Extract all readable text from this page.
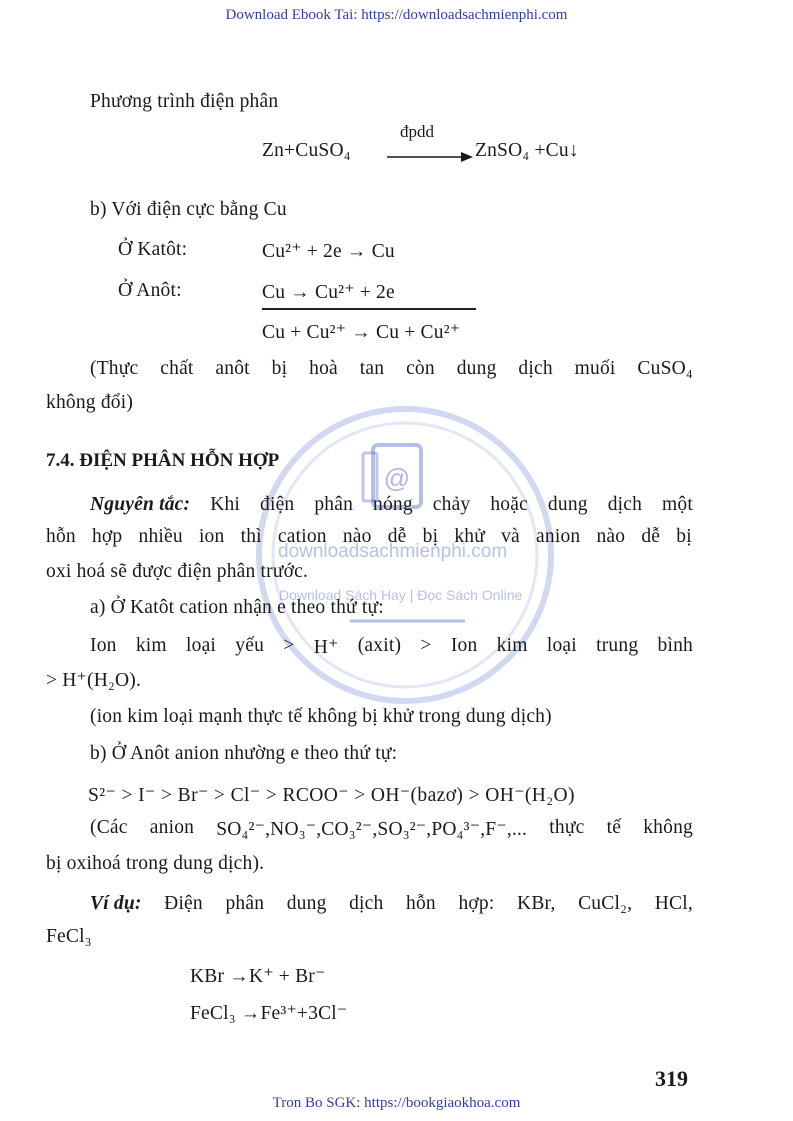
Download Ebook Tai: https://downloadsachmienphi.com
@
downloadsachmienphi.com
Download Sách Hay | Đọc Sách Online
Phương trình điện phân
Zn+CuSO₄
đpdd
ZnSO₄ +Cu↓
b) Với điện cực bằng Cu
Ở Katôt:	Cu²⁺ + 2e → Cu
Ở Anôt:	Cu → Cu²⁺ + 2e
Cu + Cu²⁺ → Cu + Cu²⁺
(Thực chất anôt bị hoà tan còn dung dịch muối CuSO₄
không đổi)
7.4. ĐIỆN PHÂN HỖN HỢP
Nguyên tắc: Khi điện phân nóng chảy hoặc dung dịch một
hỗn hợp nhiều ion thì cation nào dễ bị khử và anion nào dễ bị
oxi hoá sẽ được điện phân trước.
a) Ở Katôt cation nhận e theo thứ tự:
Ion kim loại yếu > H⁺ (axit) > Ion kim loại trung bình
> H⁺(H₂O).
(ion kim loại mạnh thực tế không bị khử trong dung dịch)
b) Ở Anôt anion nhường e theo thứ tự:
S²⁻ > I⁻ > Br⁻ > Cl⁻ > RCOO⁻ > OH⁻(bazơ) > OH⁻(H₂O)
(Các anion SO₄²⁻,NO₃⁻,CO₃²⁻,SO₃²⁻,PO₄³⁻,F⁻,... thực tế không
bị oxihoá trong dung dịch).
Ví dụ: Điện phân dung dịch hỗn hợp: KBr, CuCl₂, HCl,
FeCl₃
KBr →K⁺ + Br⁻
FeCl₃ →Fe³⁺+3Cl⁻
319
Tron Bo SGK: https://bookgiaokhoa.com
